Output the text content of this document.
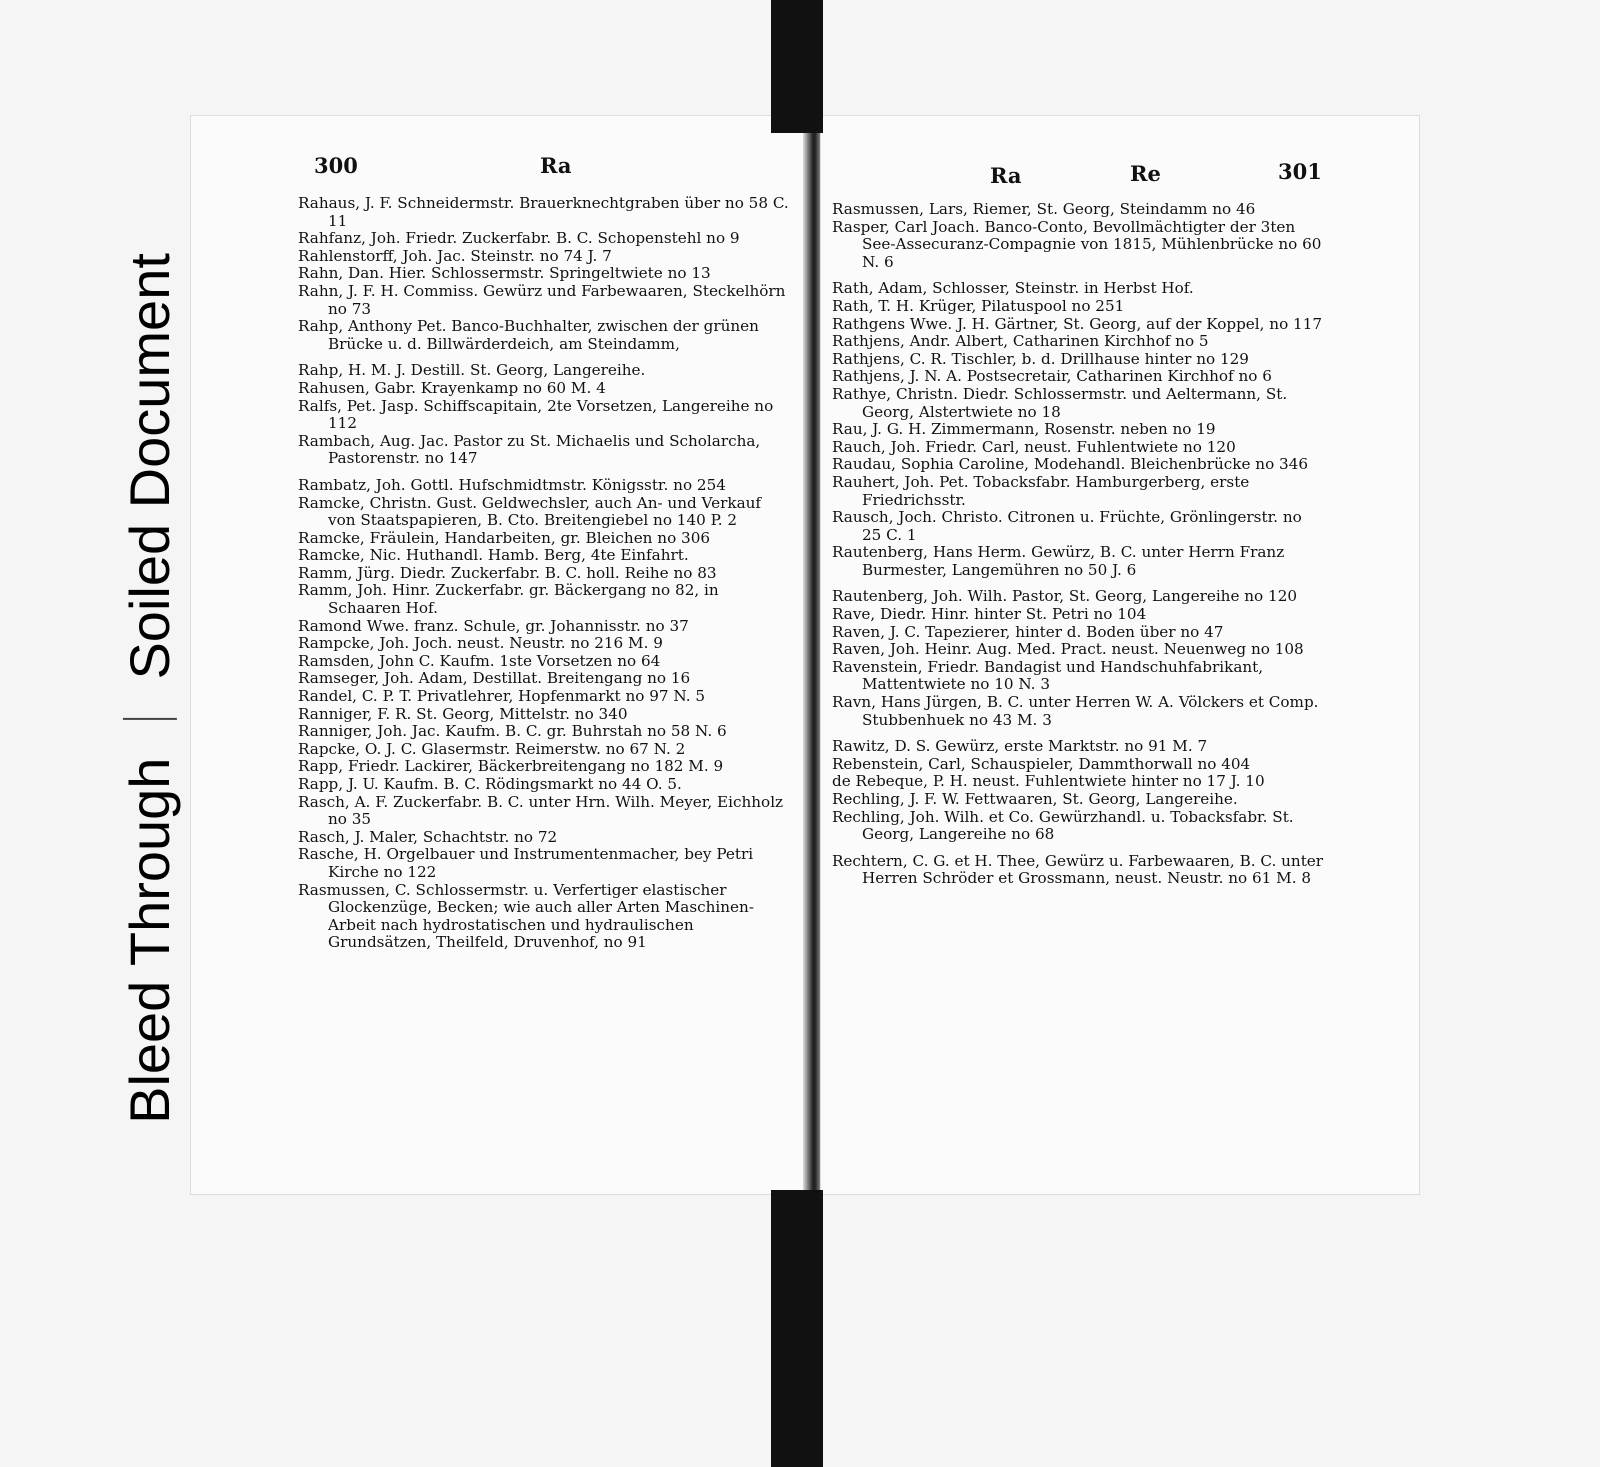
Bleed Through
Soiled Document
300	Ra

Rahaus, J. F. Schneidermstr. Brauerknechtgraben über no 58 C. 11

Rahfanz, Joh. Friedr. Zuckerfabr. B. C. Schopenstehl no 9

Rahlenstorff, Joh. Jac. Steinstr. no 74 J. 7

Rahn, Dan. Hier. Schlossermstr. Springeltwiete no 13

Rahn, J. F. H. Commiss. Gewürz und Farbewaaren, Steckelhörn no 73

Rahp, Anthony Pet. Banco-Buchhalter, zwischen der grünen Brücke u. d. Billwärderdeich, am Steindamm,

Rahp, H. M. J. Destill. St. Georg, Langereihe.

Rahusen, Gabr. Krayenkamp no 60 M. 4

Ralfs, Pet. Jasp. Schiffscapitain, 2te Vorsetzen, Langereihe no 112

Rambach, Aug. Jac. Pastor zu St. Michaelis und Scholarcha, Pastorenstr. no 147

Rambatz, Joh. Gottl. Hufschmidtmstr. Königsstr. no 254

Ramcke, Christn. Gust. Geldwechsler, auch An- und Verkauf von Staatspapieren, B. Cto. Breitengiebel no 140 P. 2

Ramcke, Fräulein, Handarbeiten, gr. Bleichen no 306

Ramcke, Nic. Huthandl. Hamb. Berg, 4te Einfahrt.

Ramm, Jürg. Diedr. Zuckerfabr. B. C. holl. Reihe no 83

Ramm, Joh. Hinr. Zuckerfabr. gr. Bäckergang no 82, in Schaaren Hof.

Ramond Wwe. franz. Schule, gr. Johannisstr. no 37

Rampcke, Joh. Joch. neust. Neustr. no 216 M. 9

Ramsden, John C. Kaufm. 1ste Vorsetzen no 64

Ramseger, Joh. Adam, Destillat. Breitengang no 16

Randel, C. P. T. Privatlehrer, Hopfenmarkt no 97 N. 5

Ranniger, F. R. St. Georg, Mittelstr. no 340

Ranniger, Joh. Jac. Kaufm. B. C. gr. Buhrstah no 58 N. 6

Rapcke, O. J. C. Glasermstr. Reimerstw. no 67 N. 2

Rapp, Friedr. Lackirer, Bäckerbreitengang no 182 M. 9

Rapp, J. U. Kaufm. B. C. Rödingsmarkt no 44 O. 5.

Rasch, A. F. Zuckerfabr. B. C. unter Hrn. Wilh. Meyer, Eichholz no 35

Rasch, J. Maler, Schachtstr. no 72

Rasche, H. Orgelbauer und Instrumentenmacher, bey Petri Kirche no 122

Rasmussen, C. Schlossermstr. u. Verfertiger elastischer Glockenzüge, Becken; wie auch aller Arten Maschinen-Arbeit nach hydrostatischen und hydraulischen Grundsätzen, Theilfeld, Druvenhof, no 91

Ra	Re	301

Rasmussen, Lars, Riemer, St. Georg, Steindamm no 46

Rasper, Carl Joach. Banco-Conto, Bevollmächtigter der 3ten See-Assecuranz-Compagnie von 1815, Mühlenbrücke no 60 N. 6

Rath, Adam, Schlosser, Steinstr. in Herbst Hof.

Rath, T. H. Krüger, Pilatuspool no 251

Rathgens Wwe. J. H. Gärtner, St. Georg, auf der Koppel, no 117

Rathjens, Andr. Albert, Catharinen Kirchhof no 5

Rathjens, C. R. Tischler, b. d. Drillhause hinter no 129

Rathjens, J. N. A. Postsecretair, Catharinen Kirchhof no 6

Rathye, Christn. Diedr. Schlossermstr. und Aeltermann, St. Georg, Alstertwiete no 18

Rau, J. G. H. Zimmermann, Rosenstr. neben no 19

Rauch, Joh. Friedr. Carl, neust. Fuhlentwiete no 120

Raudau, Sophia Caroline, Modehandl. Bleichenbrücke no 346

Rauhert, Joh. Pet. Tobacksfabr. Hamburgerberg, erste Friedrichsstr.

Rausch, Joch. Christo. Citronen u. Früchte, Grönlingerstr. no 25 C. 1

Rautenberg, Hans Herm. Gewürz, B. C. unter Herrn Franz Burmester, Langemühren no 50 J. 6

Rautenberg, Joh. Wilh. Pastor, St. Georg, Langereihe no 120

Rave, Diedr. Hinr. hinter St. Petri no 104

Raven, J. C. Tapezierer, hinter d. Boden über no 47

Raven, Joh. Heinr. Aug. Med. Pract. neust. Neuenweg no 108

Ravenstein, Friedr. Bandagist und Handschuhfabrikant, Mattentwiete no 10 N. 3

Ravn, Hans Jürgen, B. C. unter Herren W. A. Völckers et Comp. Stubbenhuek no 43 M. 3

Rawitz, D. S. Gewürz, erste Marktstr. no 91 M. 7

Rebenstein, Carl, Schauspieler, Dammthorwall no 404

de Rebeque, P. H. neust. Fuhlentwiete hinter no 17 J. 10

Rechling, J. F. W. Fettwaaren, St. Georg, Langereihe.

Rechling, Joh. Wilh. et Co. Gewürzhandl. u. Tobacksfabr. St. Georg, Langereihe no 68

Rechtern, C. G. et H. Thee, Gewürz u. Farbewaaren, B. C. unter Herren Schröder et Grossmann, neust. Neustr. no 61 M. 8
